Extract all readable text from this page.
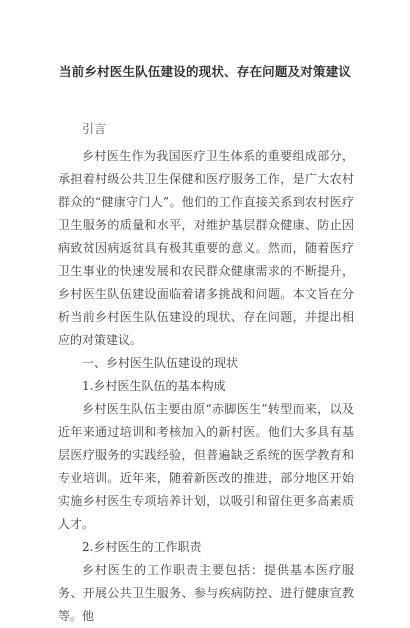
当前乡村医生队伍建设的现状、存在问题及对策建议

引言

乡村医生作为我国医疗卫生体系的重要组成部分，承担着村级公共卫生保健和医疗服务工作，是广大农村群众的“健康守门人”。他们的工作直接关系到农村医疗卫生服务的质量和水平，对维护基层群众健康、防止因病致贫因病返贫具有极其重要的意义。然而，随着医疗卫生事业的快速发展和农民群众健康需求的不断提升，乡村医生队伍建设面临着诸多挑战和问题。本文旨在分析当前乡村医生队伍建设的现状、存在问题，并提出相应的对策建议。

一、乡村医生队伍建设的现状

1.乡村医生队伍的基本构成

乡村医生队伍主要由原“赤脚医生”转型而来，以及近年来通过培训和考核加入的新村医。他们大多具有基层医疗服务的实践经验，但普遍缺乏系统的医学教育和专业培训。近年来，随着新医改的推进，部分地区开始实施乡村医生专项培养计划，以吸引和留住更多高素质人才。

2.乡村医生的工作职责

乡村医生的工作职责主要包括：提供基本医疗服务、开展公共卫生服务、参与疾病防控、进行健康宣教等。他
